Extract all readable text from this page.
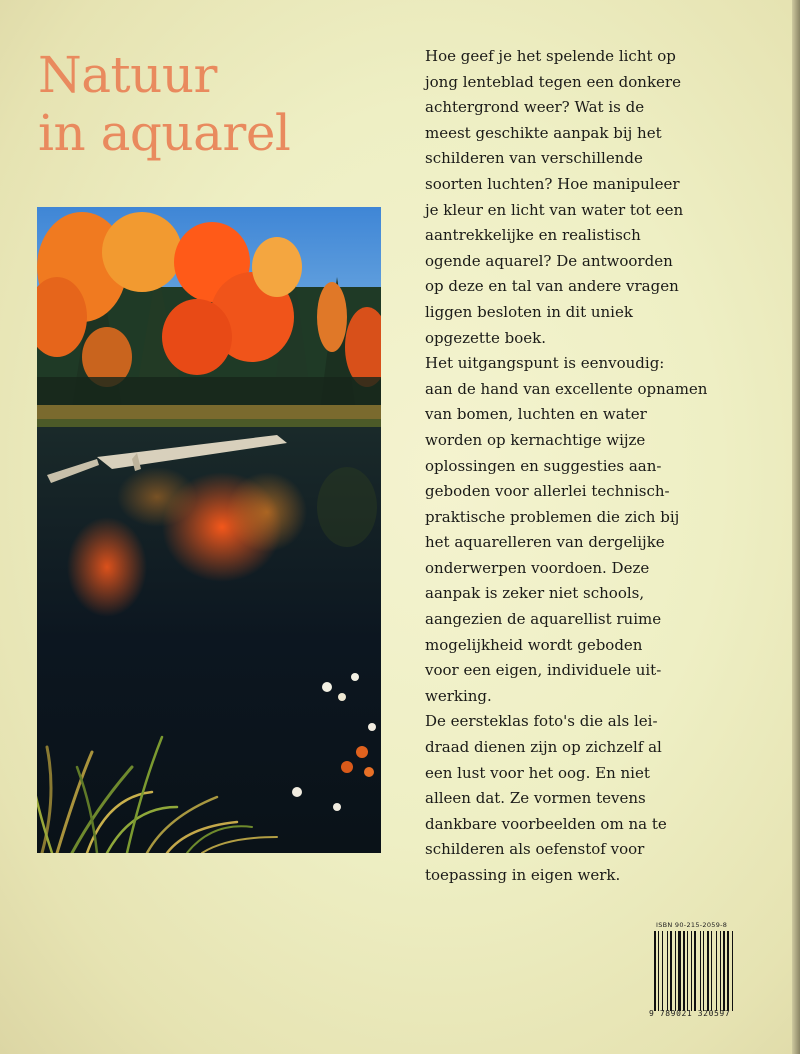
Natuur
in aquarel

Hoe geef je het spelende licht op
jong lenteblad tegen een donkere
achtergrond weer? Wat is de
meest geschikte aanpak bij het
schilderen van verschillende
soorten luchten? Hoe manipuleer
je kleur en licht van water tot een
aantrekkelijke en realistisch
ogende aquarel? De antwoorden
op deze en tal van andere vragen
liggen besloten in dit uniek
opgezette boek.

Het uitgangspunt is eenvoudig:
aan de hand van excellente opnamen
van bomen, luchten en water
worden op kernachtige wijze
oplossingen en suggesties aan-
geboden voor allerlei technisch-
praktische problemen die zich bij
het aquarelleren van dergelijke
onderwerpen voordoen. Deze
aanpak is zeker niet schools,
aangezien de aquarellist ruime
mogelijkheid wordt geboden
voor een eigen, individuele uit-
werking.

De eersteklas foto's die als lei-
draad dienen zijn op zichzelf al
een lust voor het oog. En niet
alleen dat. Ze vormen tevens
dankbare voorbeelden om na te
schilderen als oefenstof voor
toepassing in eigen werk.

ISBN 90-215-2059-8
9 789021 320597
